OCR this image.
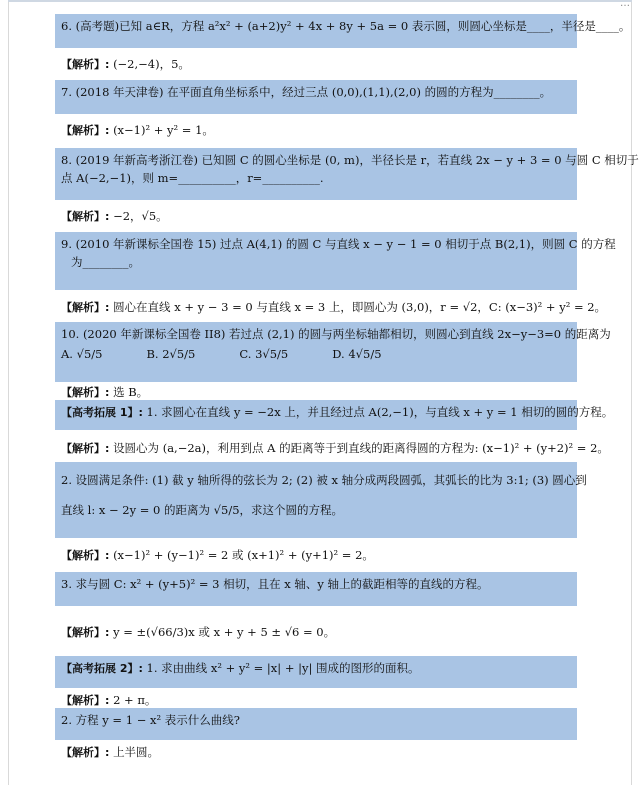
…
6. (高考题)已知 a∈R，方程 a²x² + (a+2)y² + 4x + 8y + 5a = 0 表示圆，则圆心坐标是____，半径是____。
【解析】: (−2,−4)，5。
7. (2018 年天津卷) 在平面直角坐标系中，经过三点 (0,0),(1,1),(2,0) 的圆的方程为________。
【解析】: (x−1)² + y² = 1。
8. (2019 年新高考浙江卷) 已知圆 C 的圆心坐标是 (0, m)，半径长是 r，若直线 2x − y + 3 = 0 与圆 C 相切于
点 A(−2,−1)，则 m=__________，r=__________.
【解析】: −2，√5。
9. (2010 年新课标全国卷 15) 过点 A(4,1) 的圆 C 与直线 x − y − 1 = 0 相切于点 B(2,1)，则圆 C 的方程
为________。
【解析】: 圆心在直线 x + y − 3 = 0 与直线 x = 3 上，即圆心为 (3,0)，r = √2，C: (x−3)² + y² = 2。
10. (2020 年新课标全国卷 II8) 若过点 (2,1) 的圆与两坐标轴都相切，则圆心到直线 2x−y−3=0 的距离为
A. √5/5	B. 2√5/5	C. 3√5/5	D. 4√5/5
【解析】: 选 B。
【高考拓展 1】: 1. 求圆心在直线 y = −2x 上，并且经过点 A(2,−1)，与直线 x + y = 1 相切的圆的方程。
【解析】: 设圆心为 (a,−2a)，利用到点 A 的距离等于到直线的距离得圆的方程为: (x−1)² + (y+2)² = 2。
2. 设圆满足条件: (1) 截 y 轴所得的弦长为 2; (2) 被 x 轴分成两段圆弧，其弧长的比为 3:1; (3) 圆心到
直线 l: x − 2y = 0 的距离为 √5/5，求这个圆的方程。
【解析】: (x−1)² + (y−1)² = 2 或 (x+1)² + (y+1)² = 2。
3. 求与圆 C: x² + (y+5)² = 3 相切，且在 x 轴、y 轴上的截距相等的直线的方程。
【解析】: y = ±(√66/3)x 或 x + y + 5 ± √6 = 0。
【高考拓展 2】: 1. 求由曲线 x² + y² = |x| + |y| 围成的图形的面积。
【解析】: 2 + π。
2. 方程 y = 1 − x² 表示什么曲线?
【解析】: 上半圆。
